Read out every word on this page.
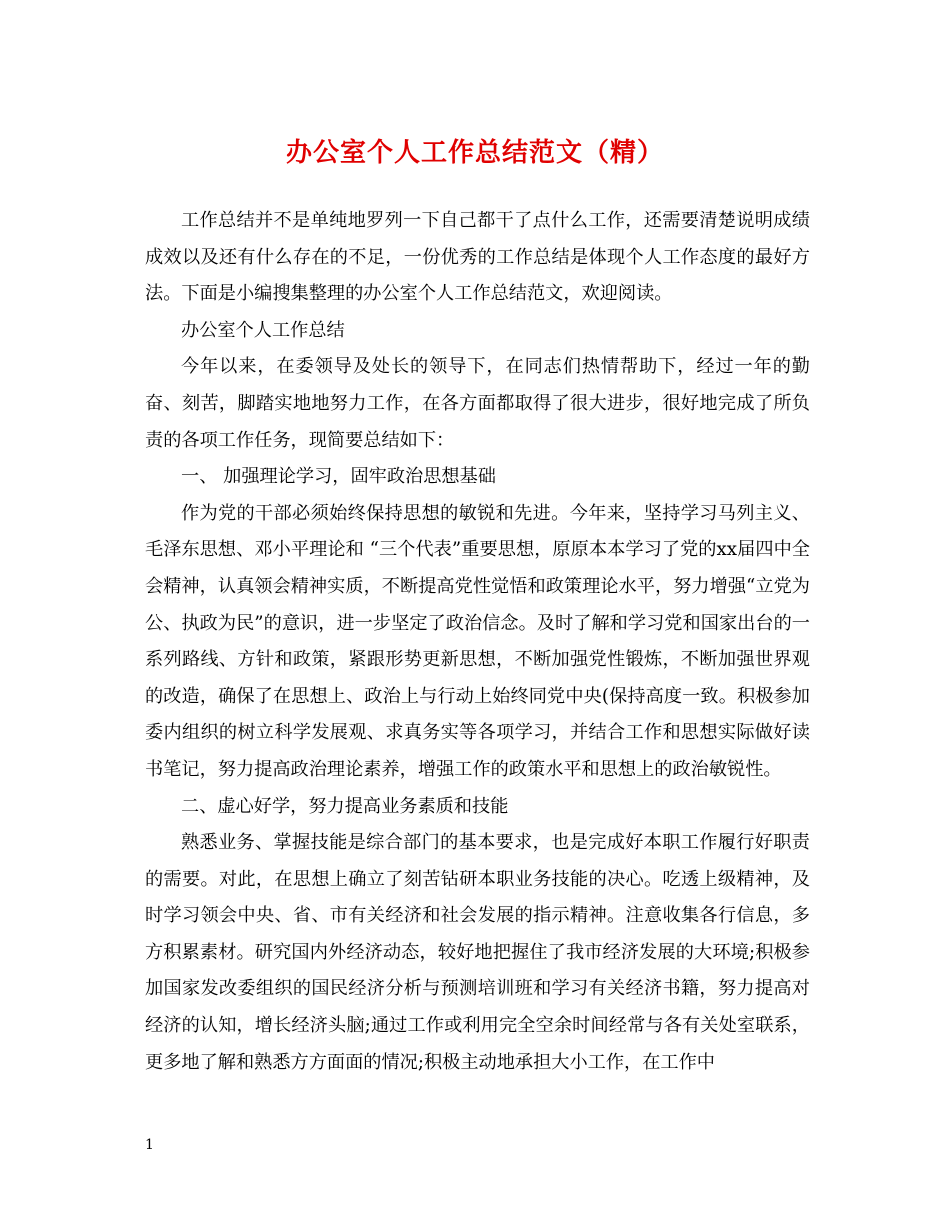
办公室个人工作总结范文（精）

工作总结并不是单纯地罗列一下自己都干了点什么工作，还需要清楚说明成绩成效以及还有什么存在的不足，一份优秀的工作总结是体现个人工作态度的最好方法。下面是小编搜集整理的办公室个人工作总结范文，欢迎阅读。

办公室个人工作总结

今年以来，在委领导及处长的领导下，在同志们热情帮助下，经过一年的勤奋、刻苦，脚踏实地地努力工作，在各方面都取得了很大进步，很好地完成了所负责的各项工作任务，现简要总结如下：

一、 加强理论学习，固牢政治思想基础

作为党的干部必须始终保持思想的敏锐和先进。今年来，坚持学习马列主义、毛泽东思想、邓小平理论和 “三个代表”重要思想，原原本本学习了党的xx届四中全会精神，认真领会精神实质，不断提高党性觉悟和政策理论水平，努力增强“立党为公、执政为民”的意识，进一步坚定了政治信念。及时了解和学习党和国家出台的一系列路线、方针和政策，紧跟形势更新思想，不断加强党性锻炼，不断加强世界观的改造，确保了在思想上、政治上与行动上始终同党中央(保持高度一致。积极参加委内组织的树立科学发展观、求真务实等各项学习，并结合工作和思想实际做好读书笔记，努力提高政治理论素养，增强工作的政策水平和思想上的政治敏锐性。

二、虚心好学，努力提高业务素质和技能

熟悉业务、掌握技能是综合部门的基本要求，也是完成好本职工作履行好职责的需要。对此，在思想上确立了刻苦钻研本职业务技能的决心。吃透上级精神，及时学习领会中央、省、市有关经济和社会发展的指示精神。注意收集各行信息，多方积累素材。研究国内外经济动态，较好地把握住了我市经济发展的大环境;积极参加国家发改委组织的国民经济分析与预测培训班和学习有关经济书籍，努力提高对经济的认知，增长经济头脑;通过工作或利用完全空余时间经常与各有关处室联系，更多地了解和熟悉方方面面的情况;积极主动地承担大小工作，在工作中

1
